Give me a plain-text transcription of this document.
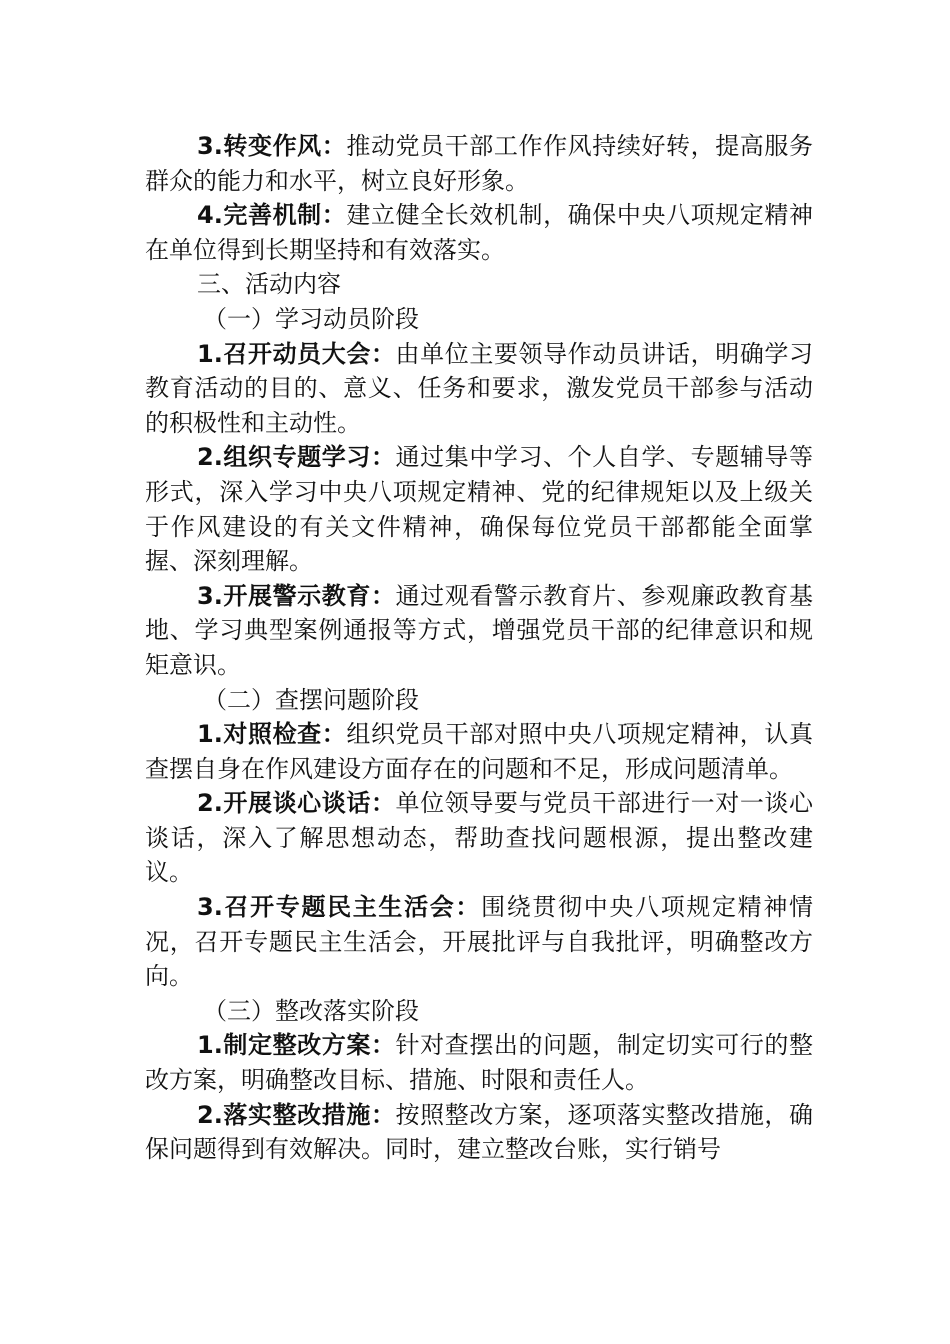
3.转变作风：推动党员干部工作作风持续好转，提高服务群众的能力和水平，树立良好形象。

4.完善机制：建立健全长效机制，确保中央八项规定精神在单位得到长期坚持和有效落实。

三、活动内容

（一）学习动员阶段

1.召开动员大会：由单位主要领导作动员讲话，明确学习教育活动的目的、意义、任务和要求，激发党员干部参与活动的积极性和主动性。

2.组织专题学习：通过集中学习、个人自学、专题辅导等形式，深入学习中央八项规定精神、党的纪律规矩以及上级关于作风建设的有关文件精神，确保每位党员干部都能全面掌握、深刻理解。

3.开展警示教育：通过观看警示教育片、参观廉政教育基地、学习典型案例通报等方式，增强党员干部的纪律意识和规矩意识。

（二）查摆问题阶段

1.对照检查：组织党员干部对照中央八项规定精神，认真查摆自身在作风建设方面存在的问题和不足，形成问题清单。

2.开展谈心谈话：单位领导要与党员干部进行一对一谈心谈话，深入了解思想动态，帮助查找问题根源，提出整改建议。

3.召开专题民主生活会：围绕贯彻中央八项规定精神情况，召开专题民主生活会，开展批评与自我批评，明确整改方向。

（三）整改落实阶段

1.制定整改方案：针对查摆出的问题，制定切实可行的整改方案，明确整改目标、措施、时限和责任人。

2.落实整改措施：按照整改方案，逐项落实整改措施，确保问题得到有效解决。同时，建立整改台账，实行销号
